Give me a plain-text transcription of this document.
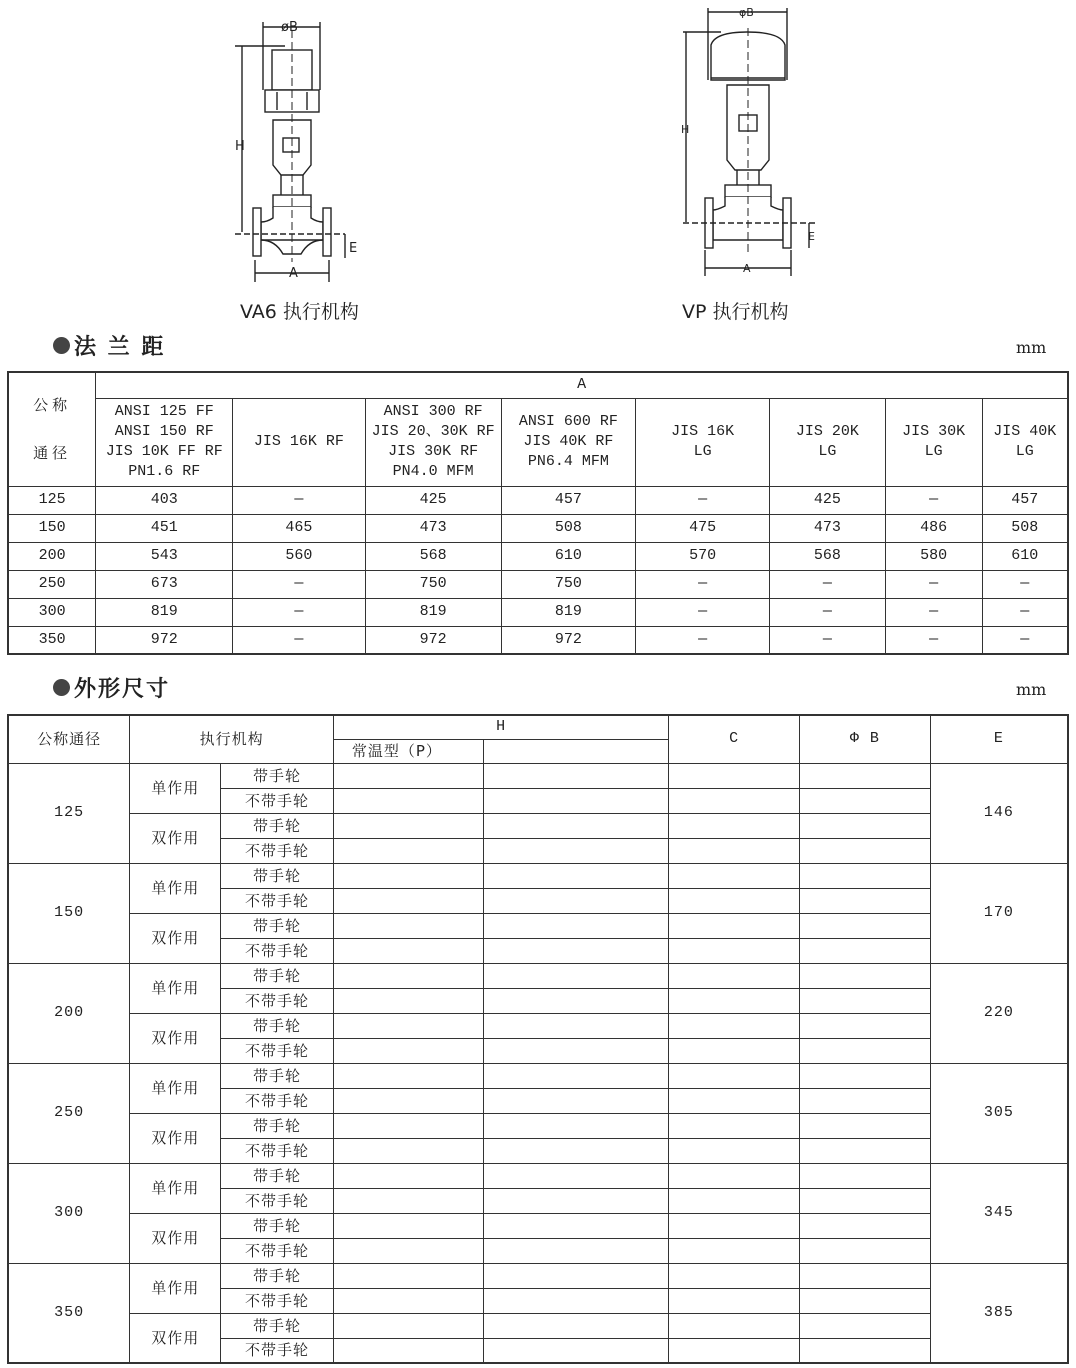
øB
H
E
A
VA6 执行机构
φB
H
E
A
VP 执行机构
法 兰 距	mm
公称
通径	A							

ANSI 125 FF
ANSI 150 RF
JIS 10K FF RF
PN1.6 RF

JIS 16K RF

ANSI 300 RF
JIS 20、30K RF
JIS 30K RF
PN4.0 MFM

ANSI 600 RF
JIS 40K RF
PN6.4 MFM

JIS 16K
LG

JIS 20K
LG

JIS 30K
LG

JIS 40K
LG

125	403	—	425	457	—	425	—	457
150	451	465	473	508	475	473	486	508
200	543	560	568	610	570	568	580	610
250	673	—	750	750	—	—	—	—
300	819	—	819	819	—	—	—	—
350	972	—	972	972	—	—	—	—
外形尺寸	mm
公称通径	执行机构		H		C	Φ B	E
			常温型（P）				
125	单作用	带手轮					146
		不带手轮					
	双作用	带手轮					
		不带手轮					
150	单作用	带手轮					170
		不带手轮					
	双作用	带手轮					
		不带手轮					
200	单作用	带手轮					220
		不带手轮					
	双作用	带手轮					
		不带手轮					
250	单作用	带手轮					305
		不带手轮					
	双作用	带手轮					
		不带手轮					
300	单作用	带手轮					345
		不带手轮					
	双作用	带手轮					
		不带手轮					
350	单作用	带手轮					385
		不带手轮					
	双作用	带手轮					
		不带手轮					
